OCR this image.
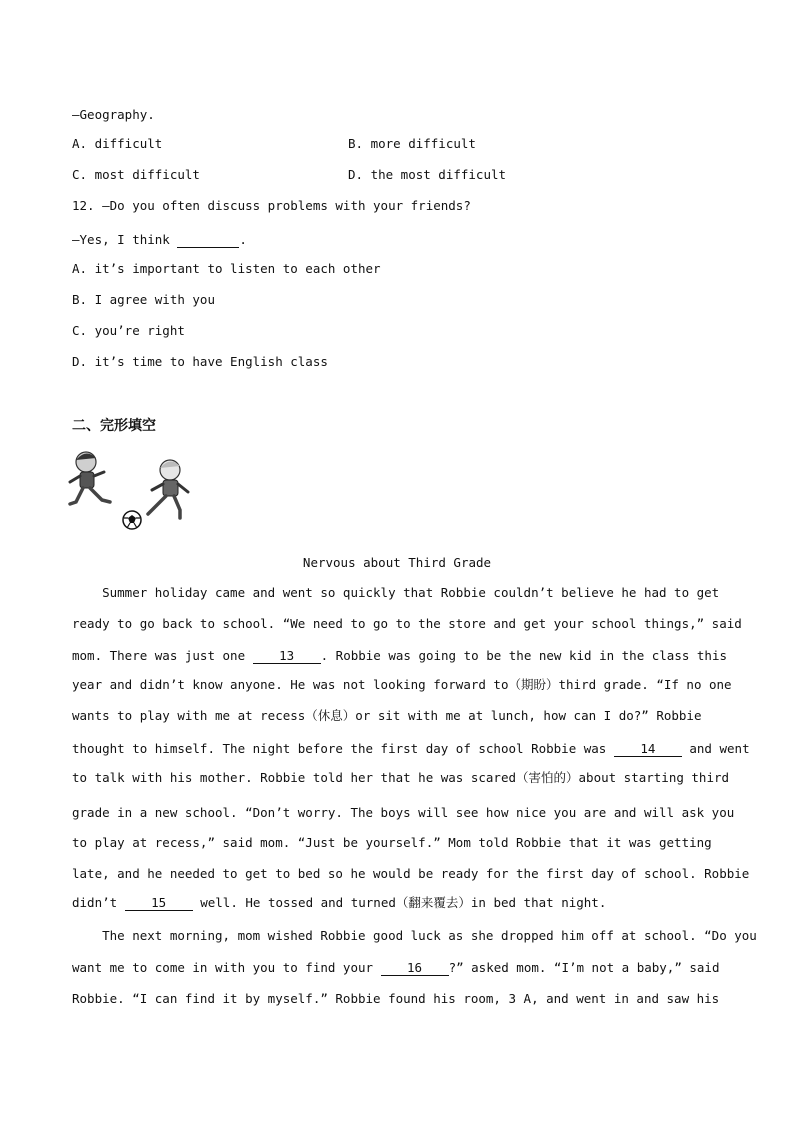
—Geography.
A. difficult	B. more difficult
C. most difficult	D. the most difficult
12. —Do you often discuss problems with your friends?
—Yes, I think	.
A. it’s important to listen to each other
B. I agree with you
C. you’re right
D. it’s time to have English class
二、完形填空
Nervous about Third Grade
Summer holiday came and went so quickly that Robbie couldn’t believe he had to get
ready to go back to school. “We need to go to the store and get your school things,” said
mom. There was just one 13 . Robbie was going to be the new kid in the class this
year and didn’t know anyone. He was not looking forward to（期盼）third grade. “If no one
wants to play with me at recess（休息）or sit with me at lunch, how can I do?” Robbie
thought to himself. The night before the first day of school Robbie was 14 and went
to talk with his mother. Robbie told her that he was scared（害怕的）about starting third
grade in a new school. “Don’t worry. The boys will see how nice you are and will ask you
to play at recess,” said mom. “Just be yourself.” Mom told Robbie that it was getting
late, and he needed to get to bed so he would be ready for the first day of school. Robbie
didn’t 15 well. He tossed and turned（翻来覆去）in bed that night.
The next morning, mom wished Robbie good luck as she dropped him off at school. “Do you
want me to come in with you to find your 16 ?” asked mom. “I’m not a baby,” said
Robbie. “I can find it by myself.” Robbie found his room, 3 A, and went in and saw his
